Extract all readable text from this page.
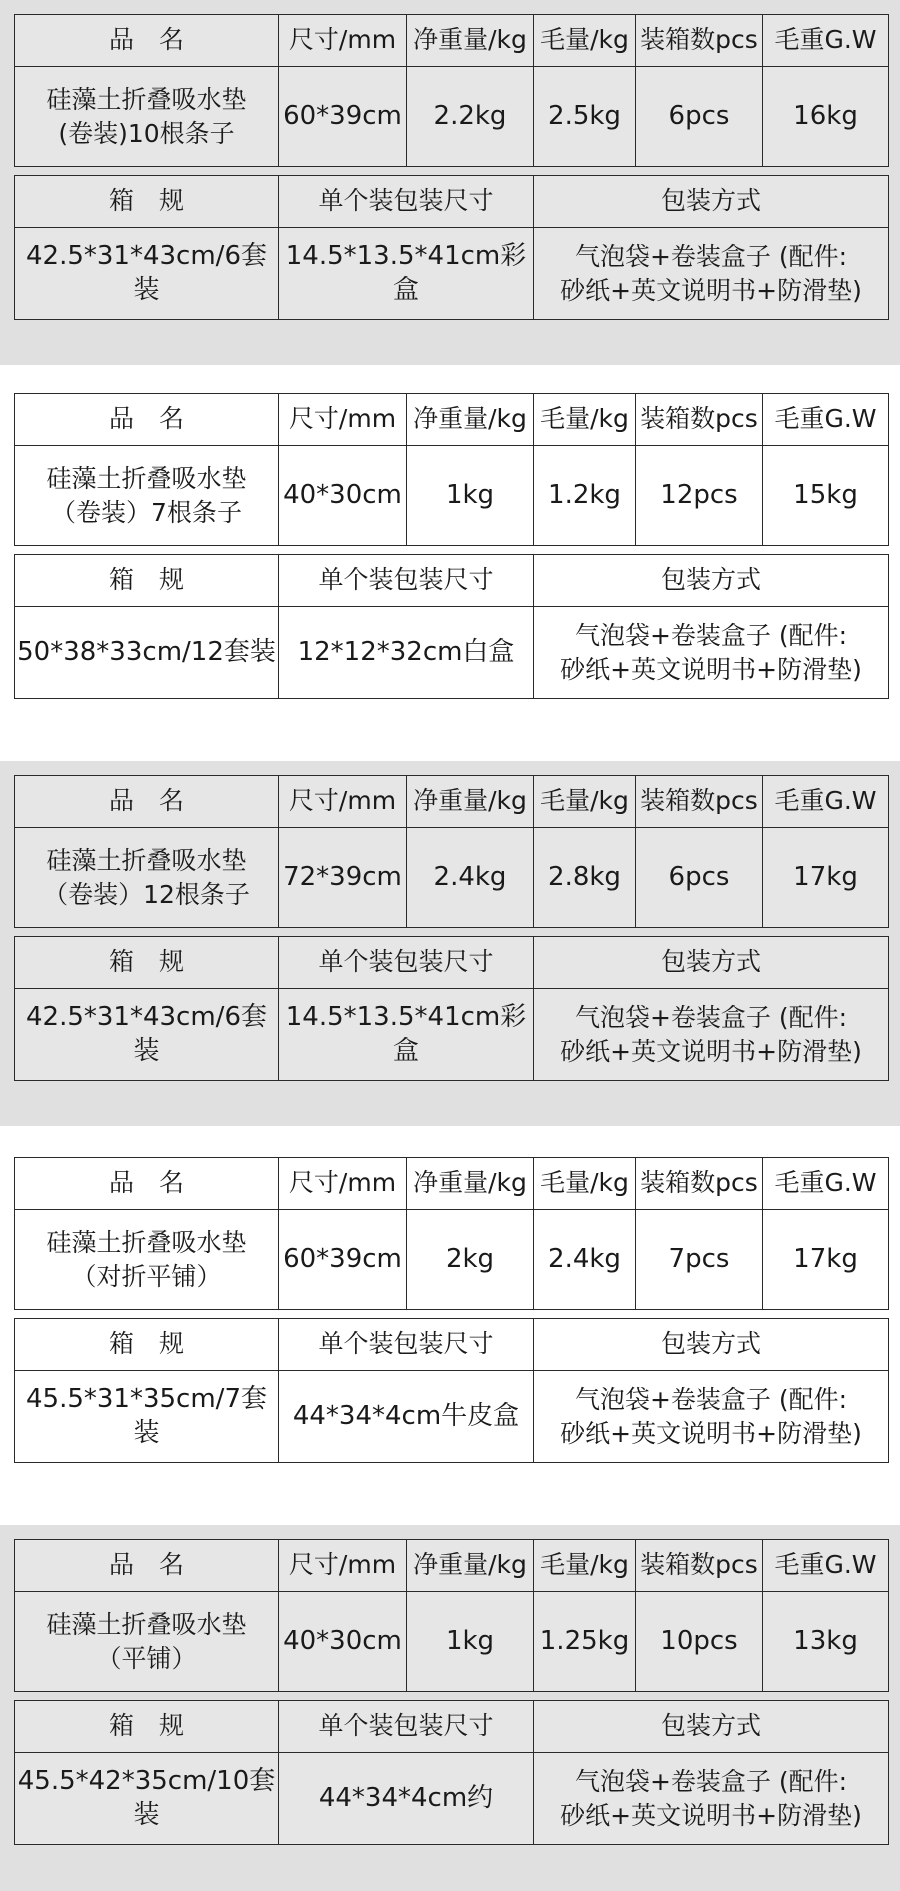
品　名	尺寸/mm	净重量/kg	毛量/kg	装箱数pcs	毛重G.W

硅藻土折叠吸水垫
(卷装)10根条子	60*39cm	2.2kg	2.5kg	6pcs	16kg
箱　规	单个装包装尺寸	包装方式
42.5*31*43cm/6套装	14.5*13.5*41cm彩盒	气泡袋+卷装盒子 (配件:
砂纸+英文说明书+防滑垫)
品　名	尺寸/mm	净重量/kg	毛量/kg	装箱数pcs	毛重G.W

硅藻土折叠吸水垫
（卷装）7根条子	40*30cm	1kg	1.2kg	12pcs	15kg
箱　规	单个装包装尺寸	包装方式
50*38*33cm/12套装	12*12*32cm白盒	气泡袋+卷装盒子 (配件:
砂纸+英文说明书+防滑垫)
品　名	尺寸/mm	净重量/kg	毛量/kg	装箱数pcs	毛重G.W

硅藻土折叠吸水垫
（卷装）12根条子	72*39cm	2.4kg	2.8kg	6pcs	17kg
箱　规	单个装包装尺寸	包装方式
42.5*31*43cm/6套装	14.5*13.5*41cm彩盒	气泡袋+卷装盒子 (配件:
砂纸+英文说明书+防滑垫)
品　名	尺寸/mm	净重量/kg	毛量/kg	装箱数pcs	毛重G.W

硅藻土折叠吸水垫
（对折平铺）	60*39cm	2kg	2.4kg	7pcs	17kg
箱　规	单个装包装尺寸	包装方式
45.5*31*35cm/7套装	44*34*4cm牛皮盒	气泡袋+卷装盒子 (配件:
砂纸+英文说明书+防滑垫)
品　名	尺寸/mm	净重量/kg	毛量/kg	装箱数pcs	毛重G.W

硅藻土折叠吸水垫
（平铺）	40*30cm	1kg	1.25kg	10pcs	13kg
箱　规	单个装包装尺寸	包装方式
45.5*42*35cm/10套装	44*34*4cm约	气泡袋+卷装盒子 (配件:
砂纸+英文说明书+防滑垫)
